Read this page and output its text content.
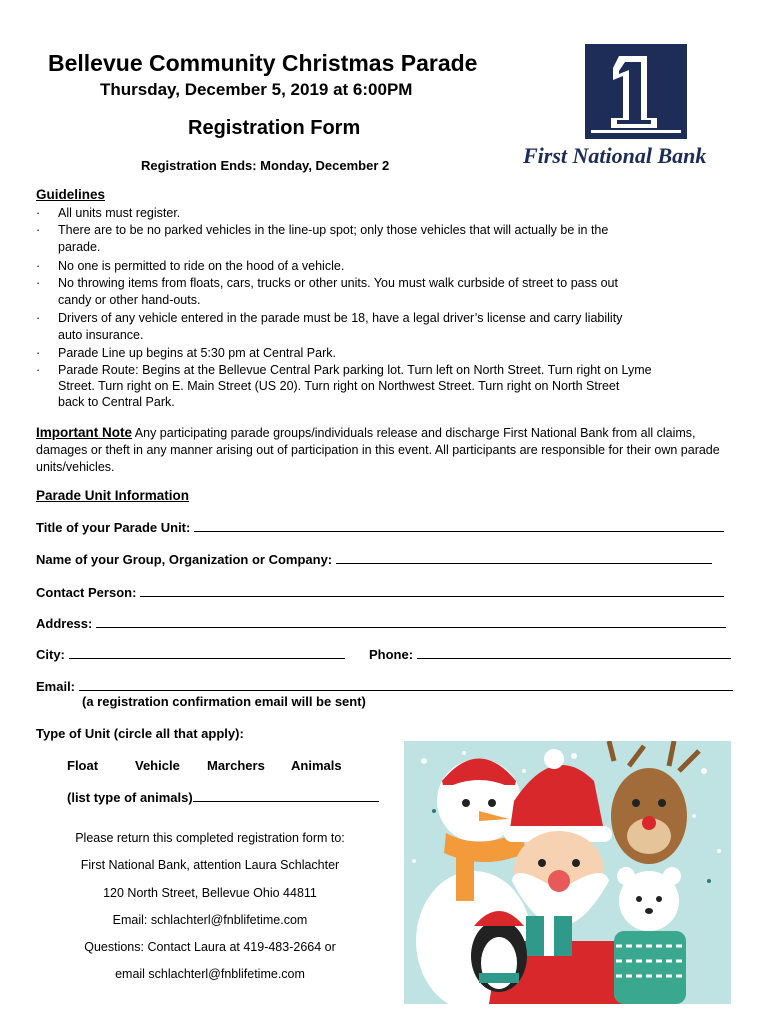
Bellevue Community Christmas Parade
Thursday, December 5, 2019 at 6:00PM
Registration Form
Registration Ends: Monday, December 2	First National Bank
Guidelines
· All units must register.
· There are to be no parked vehicles in the line-up spot; only those vehicles that will actually be in the
parade.
· No one is permitted to ride on the hood of a vehicle.
· No throwing items from floats, cars, trucks or other units. You must walk curbside of street to pass out
candy or other hand-outs.
· Drivers of any vehicle entered in the parade must be 18, have a legal driver’s license and carry liability
auto insurance.
· Parade Line up begins at 5:30 pm at Central Park.
· Parade Route: Begins at the Bellevue Central Park parking lot. Turn left on North Street. Turn right on Lyme
Street. Turn right on E. Main Street (US 20). Turn right on Northwest Street. Turn right on North Street
back to Central Park.
Important Note Any participating parade groups/individuals release and discharge First National Bank from all claims, damages or theft in any manner arising out of participation in this event. All participants are responsible for their own parade units/vehicles.
Parade Unit Information
Title of your Parade Unit:
Name of your Group, Organization or Company:
Contact Person:
Address:
City:	Phone:
Email:
(a registration confirmation email will be sent)
Type of Unit (circle all that apply):
Float	Vehicle Marchers Animals
(list type of animals)
Please return this completed registration form to:
First National Bank, attention Laura Schlachter
120 North Street, Bellevue Ohio 44811
Email: schlachterl@fnblifetime.com
Questions: Contact Laura at 419-483-2664 or
email schlachterl@fnblifetime.com
